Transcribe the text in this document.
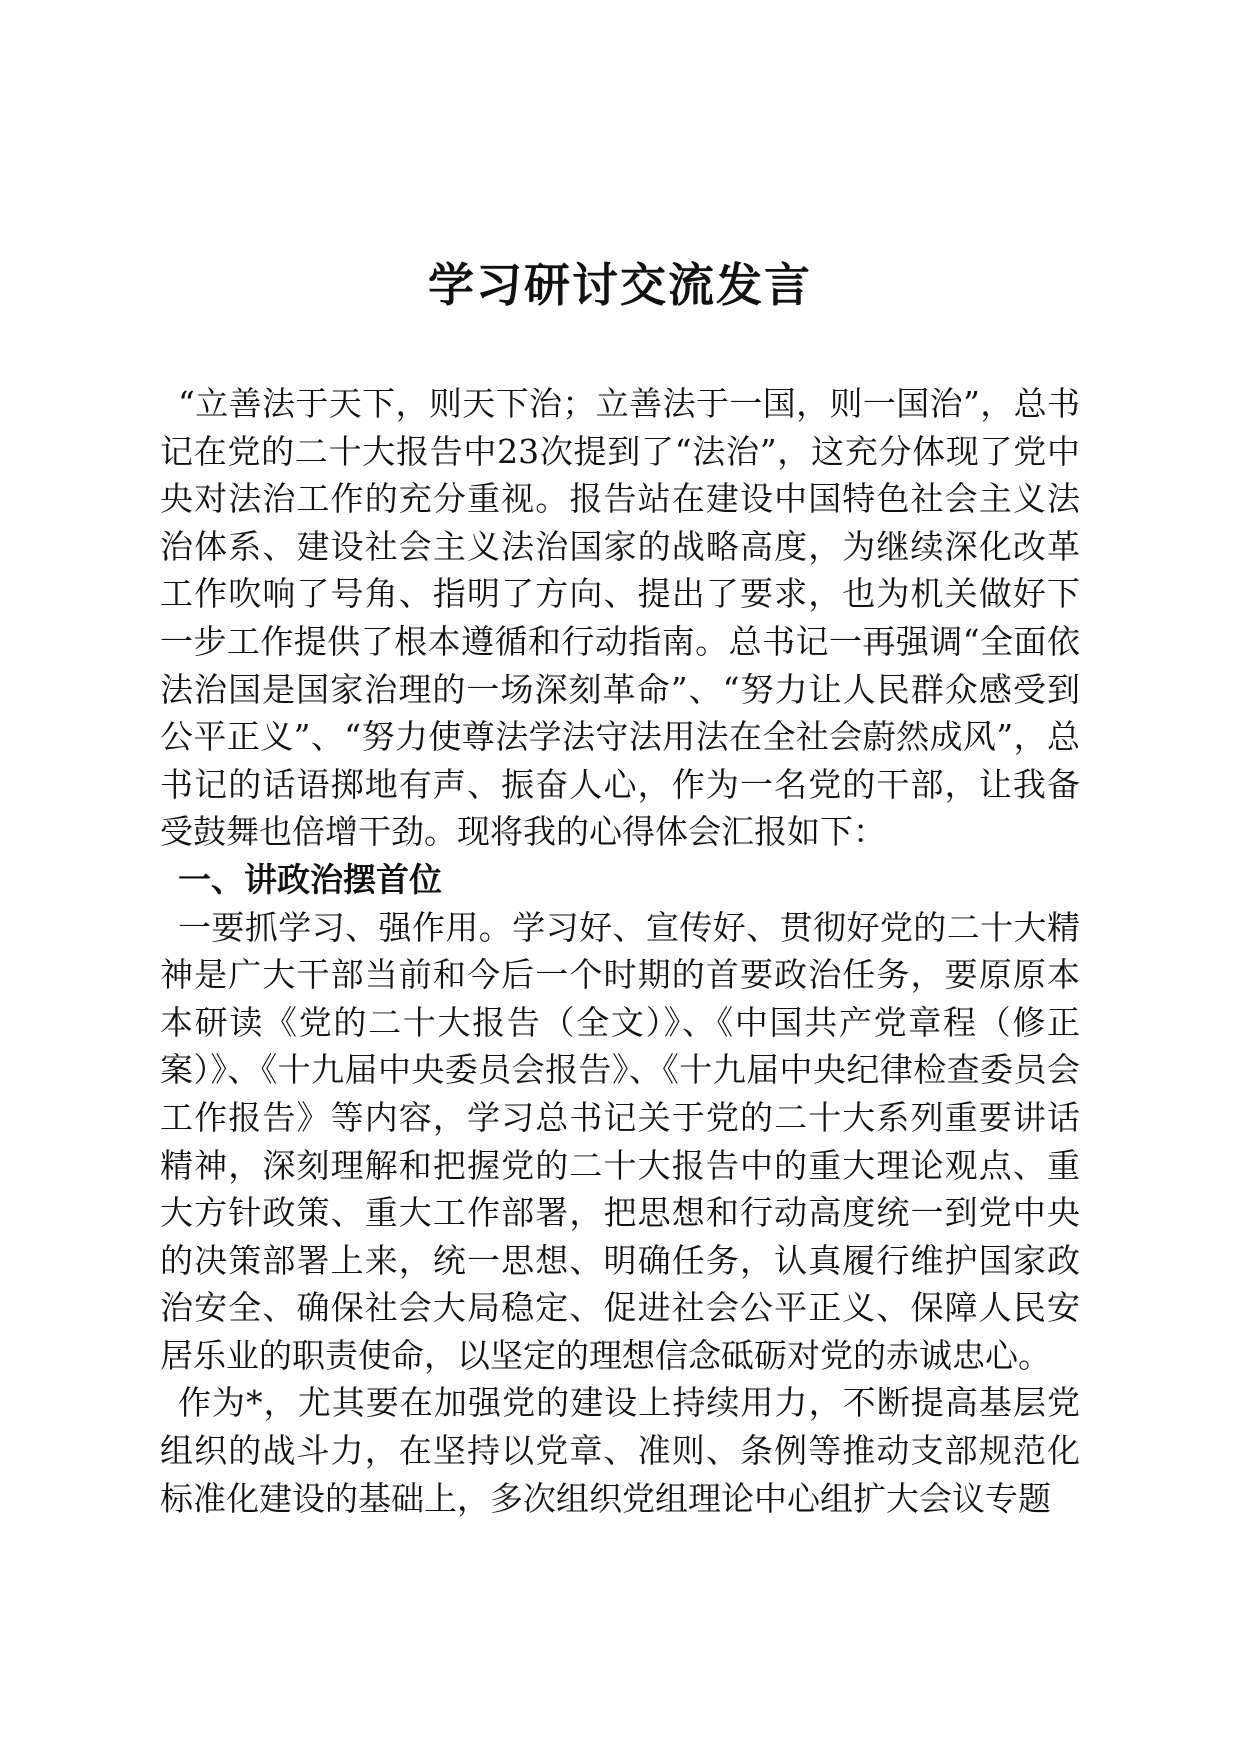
学习研讨交流发言

“立善法于天下，则天下治；立善法于一国，则一国治”，总书记在党的二十大报告中23次提到了“法治”，这充分体现了党中央对法治工作的充分重视。报告站在建设中国特色社会主义法治体系、建设社会主义法治国家的战略高度，为继续深化改革工作吹响了号角、指明了方向、提出了要求，也为机关做好下一步工作提供了根本遵循和行动指南。总书记一再强调“全面依法治国是国家治理的一场深刻革命”、“努力让人民群众感受到公平正义”、“努力使尊法学法守法用法在全社会蔚然成风”，总书记的话语掷地有声、振奋人心，作为一名党的干部，让我备受鼓舞也倍增干劲。现将我的心得体会汇报如下：

一、讲政治摆首位

一要抓学习、强作用。学习好、宣传好、贯彻好党的二十大精神是广大干部当前和今后一个时期的首要政治任务，要原原本本研读《党的二十大报告（全文）》、《中国共产党章程（修正案）》、《十九届中央委员会报告》、《十九届中央纪律检查委员会工作报告》等内容，学习总书记关于党的二十大系列重要讲话精神，深刻理解和把握党的二十大报告中的重大理论观点、重大方针政策、重大工作部署，把思想和行动高度统一到党中央的决策部署上来，统一思想、明确任务，认真履行维护国家政治安全、确保社会大局稳定、促进社会公平正义、保障人民安居乐业的职责使命，以坚定的理想信念砥砺对党的赤诚忠心。

作为*，尤其要在加强党的建设上持续用力，不断提高基层党组织的战斗力，在坚持以党章、准则、条例等推动支部规范化标准化建设的基础上，多次组织党组理论中心组扩大会议专题
